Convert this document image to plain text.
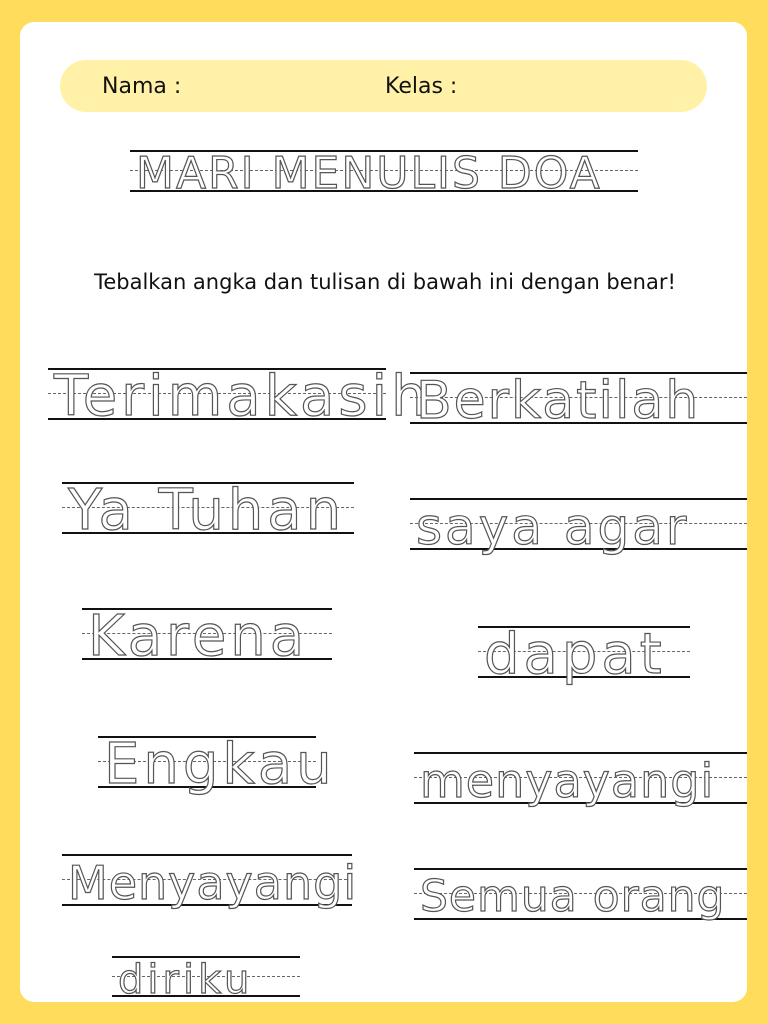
Nama :	Kelas :
MARI MENULIS DOA
Tebalkan angka dan tulisan di bawah ini dengan benar!
Terimakasih
Ya Tuhan
Karena
Engkau
Menyayangi
diriku
Berkatilah
saya agar
dapat
menyayangi
Semua orang
